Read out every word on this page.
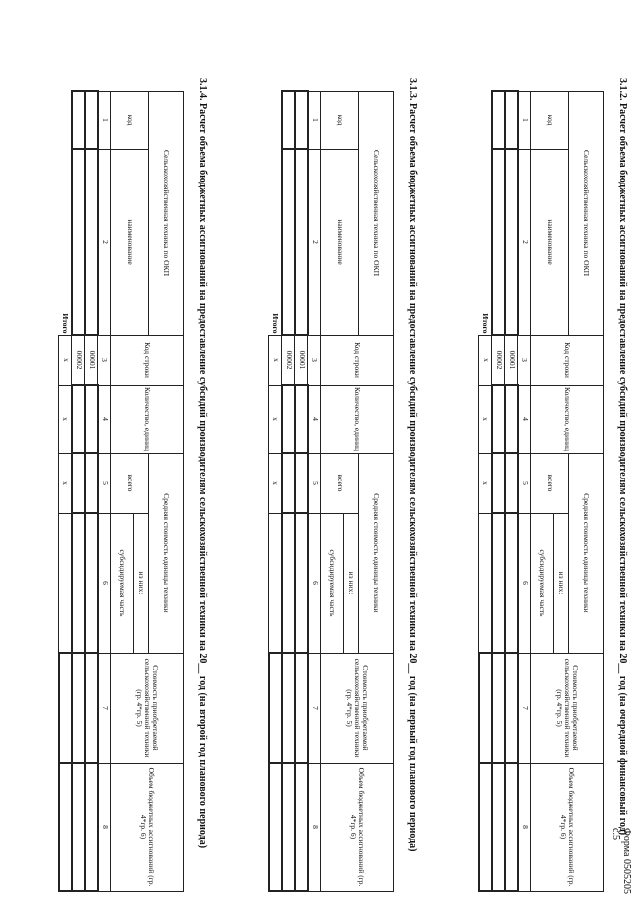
Форма 0505205 с.5
3.1.2. Расчет объема бюджетных ассигнований на предоставление субсидий производителям сельскохозяйственной техники на 20__ год (на очередной финансовый год)
Сельскохозяйственная техника по ОКП		Код строки	Количество, единиц	Средняя стоимость единицы техники		Стоимость приобретаемой сельскохозяйственной техники (гр. 4*гр. 5)	Объем бюджетных ассигнований (гр. 4*гр. 6)
код	наименование			всего	из них:		
					субсидируемая часть		
1	2	3	4	5	6	7	8
		00001					
		00002					
Итого		x	x	x			
3.1.3. Расчет объема бюджетных ассигнований на предоставление субсидий производителям сельскохозяйственной техники на 20__ год (на первый год планового периода)
Сельскохозяйственная техника по ОКП		Код строки	Количество, единиц	Средняя стоимость единицы техники		Стоимость приобретаемой сельскохозяйственной техники (гр. 4*гр. 5)	Объем бюджетных ассигнований (гр. 4*гр. 6)
код	наименование			всего	из них:		
					субсидируемая часть		
1	2	3	4	5	6	7	8
		00001					
		00002					
Итого		x	x	x			
3.1.4. Расчет объема бюджетных ассигнований на предоставление субсидий производителям сельскохозяйственной техники на 20__ год (на второй год планового периода)
Сельскохозяйственная техника по ОКП		Код строки	Количество, единиц	Средняя стоимость единицы техники		Стоимость приобретаемой сельскохозяйственной техники (гр. 4*гр. 5)	Объем бюджетных ассигнований (гр. 4*гр. 6)
код	наименование			всего	из них:		
					субсидируемая часть		
1	2	3	4	5	6	7	8
		00001					
		00002					
Итого		x	x	x			
